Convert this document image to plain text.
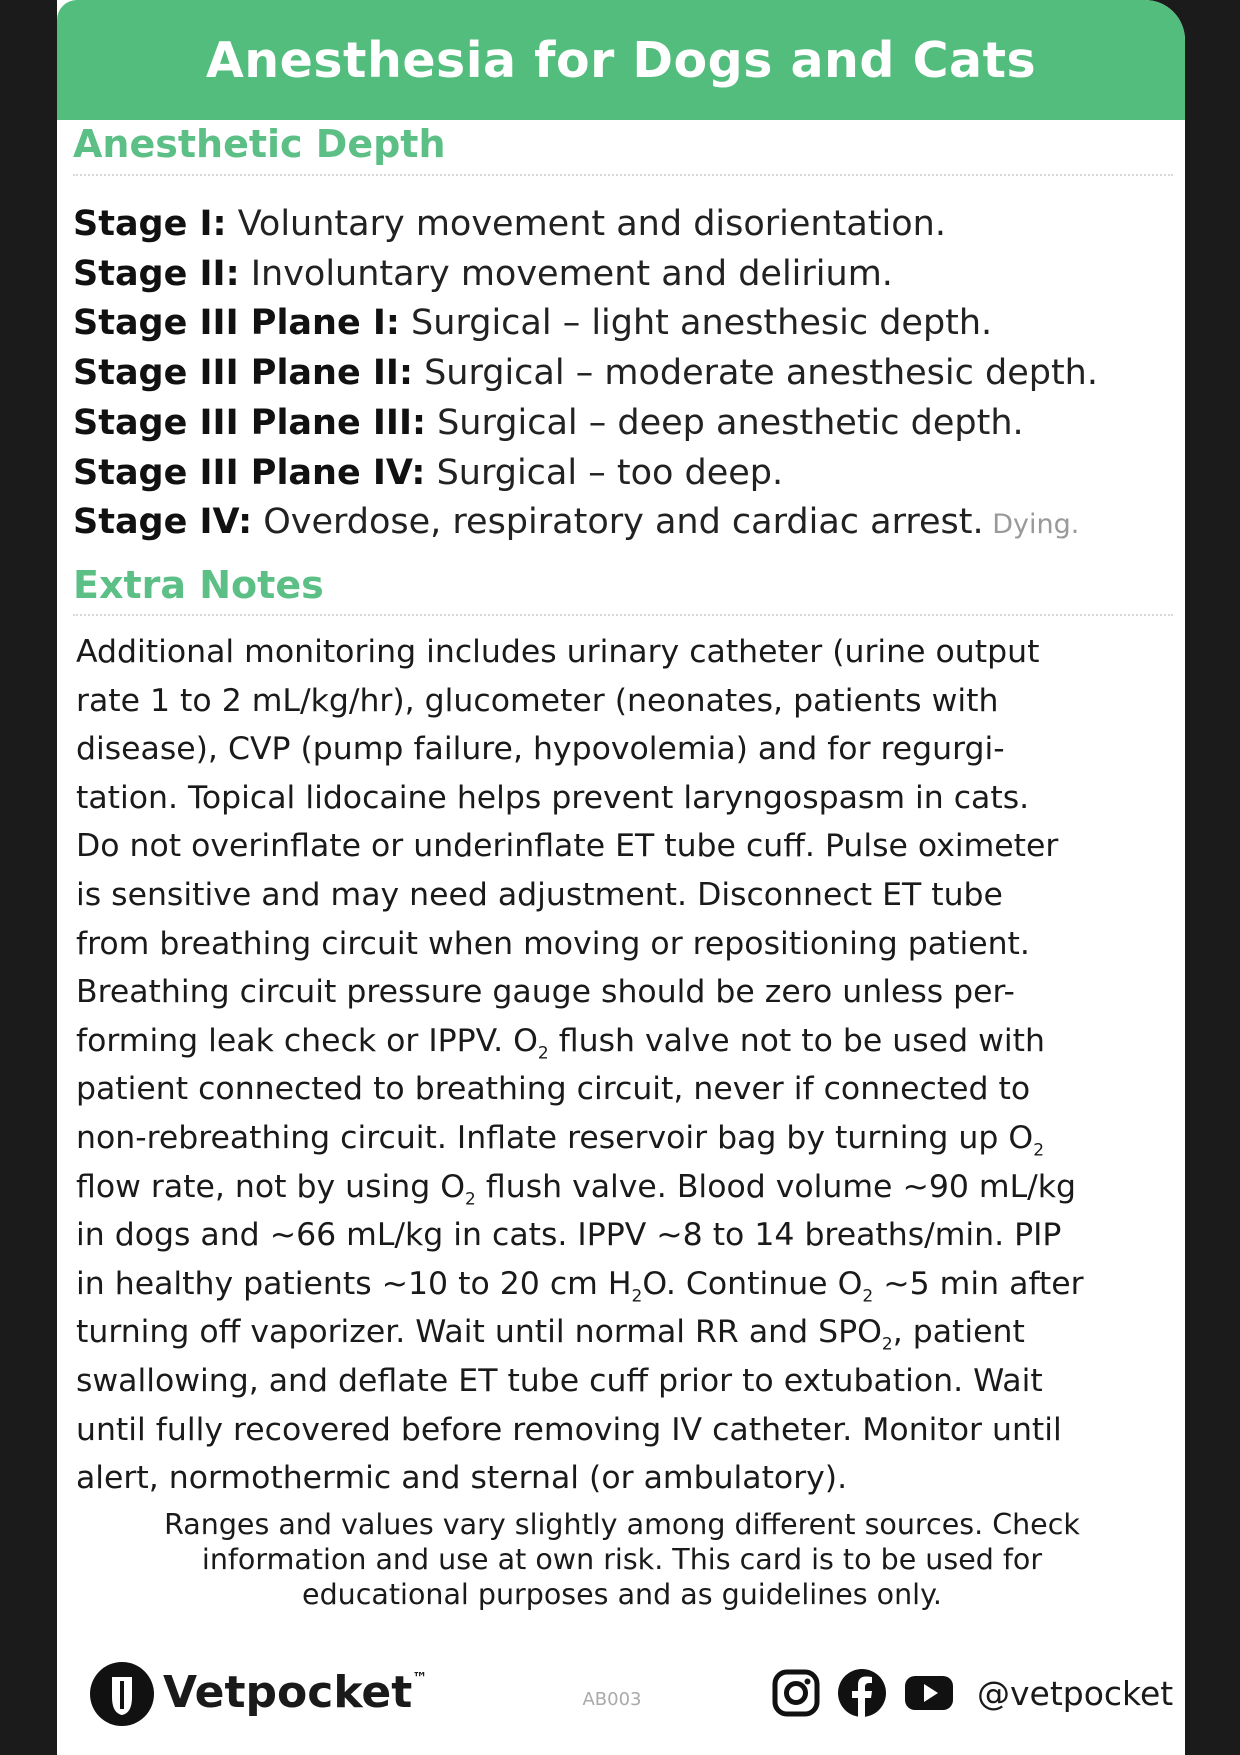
Anesthesia for Dogs and Cats
Anesthetic Depth
Stage I: Voluntary movement and disorientation.
Stage II: Involuntary movement and delirium.
Stage III Plane I: Surgical – light anesthesic depth.
Stage III Plane II: Surgical – moderate anesthesic depth.
Stage III Plane III: Surgical – deep anesthetic depth.
Stage III Plane IV: Surgical – too deep.
Stage IV: Overdose, respiratory and cardiac arrest. Dying.
Extra Notes
Additional monitoring includes urinary catheter (urine output
rate 1 to 2 mL/kg/hr), glucometer (neonates, patients with
disease), CVP (pump failure, hypovolemia) and for regurgi-
tation. Topical lidocaine helps prevent laryngospasm in cats.
Do not overinflate or underinflate ET tube cuff. Pulse oximeter
is sensitive and may need adjustment. Disconnect ET tube
from breathing circuit when moving or repositioning patient.
Breathing circuit pressure gauge should be zero unless per-
forming leak check or IPPV. $O_2$ flush valve not to be used with
patient connected to breathing circuit, never if connected to
non-rebreathing circuit. Inflate reservoir bag by turning up $O_2$
flow rate, not by using $O_2$ flush valve. Blood volume ~90 mL/kg
in dogs and ~66 mL/kg in cats. IPPV ~8 to 14 breaths/min. PIP
in healthy patients ~10 to 20 cm $H_2O$. Continue $O_2$ ~5 min after
turning off vaporizer. Wait until normal RR and $SPO_2$, patient
swallowing, and deflate ET tube cuff prior to extubation. Wait
until fully recovered before removing IV catheter. Monitor until
alert, normothermic and sternal (or ambulatory).
Ranges and values vary slightly among different sources. Check
information and use at own risk. This card is to be used for
educational purposes and as guidelines only.
Vetpocket™
AB003	@vetpocket
